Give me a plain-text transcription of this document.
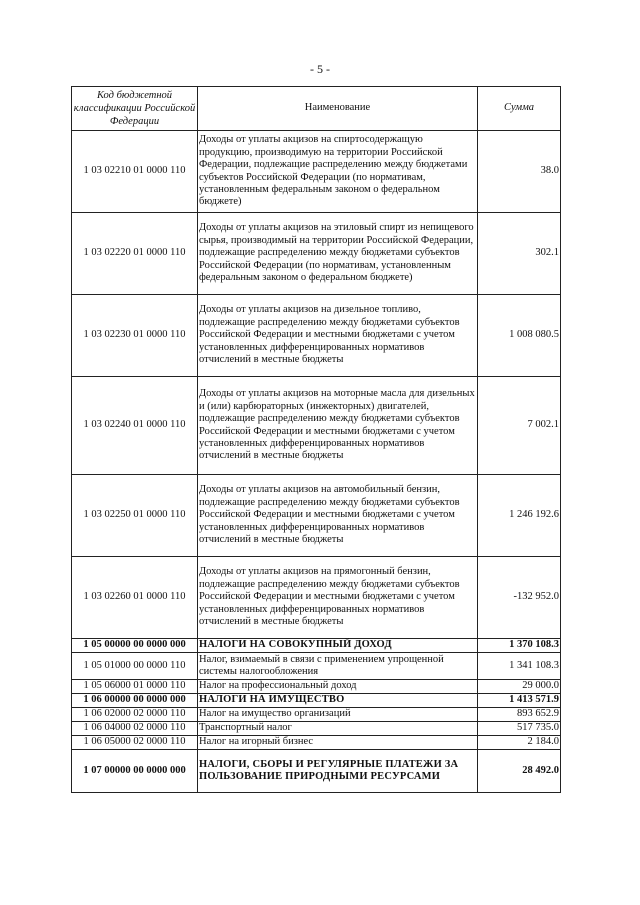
- 5 -
Код бюджетной классификации Российской Федерации	Наименование	Сумма
1 03 02210 01 0000 110	Доходы от уплаты акцизов на спиртосодержащую продукцию, производимую на территории Российской Федерации, подлежащие распределению между бюджетами субъектов Российской Федерации (по нормативам, установленным федеральным законом о федеральном бюджете)	38.0
1 03 02220 01 0000 110	Доходы от уплаты акцизов на этиловый спирт из непищевого сырья, производимый на территории Российской Федерации, подлежащие распределению между бюджетами субъектов Российской Федерации (по нормативам, установленным федеральным законом о федеральном бюджете)	302.1
1 03 02230 01 0000 110	Доходы от уплаты акцизов на дизельное топливо, подлежащие распределению между бюджетами субъектов Российской Федерации и местными бюджетами с учетом установленных дифференцированных нормативов отчислений в местные бюджеты	1 008 080.5
1 03 02240 01 0000 110	Доходы от уплаты акцизов на моторные масла для дизельных и (или) карбюраторных (инжекторных) двигателей, подлежащие распределению между бюджетами субъектов Российской Федерации и местными бюджетами с учетом установленных дифференцированных нормативов отчислений в местные бюджеты	7 002.1
1 03 02250 01 0000 110	Доходы от уплаты акцизов на автомобильный бензин, подлежащие распределению между бюджетами субъектов Российской Федерации и местными бюджетами с учетом установленных дифференцированных нормативов отчислений в местные бюджеты	1 246 192.6
1 03 02260 01 0000 110	Доходы от уплаты акцизов на прямогонный бензин, подлежащие распределению между бюджетами субъектов Российской Федерации и местными бюджетами с учетом установленных дифференцированных нормативов отчислений в местные бюджеты	-132 952.0
1 05 00000 00 0000 000	НАЛОГИ НА СОВОКУПНЫЙ ДОХОД	1 370 108.3
1 05 01000 00 0000 110	Налог, взимаемый в связи с применением упрощенной системы налогообложения	1 341 108.3
1 05 06000 01 0000 110	Налог на профессиональный доход	29 000.0
1 06 00000 00 0000 000	НАЛОГИ НА ИМУЩЕСТВО	1 413 571.9
1 06 02000 02 0000 110	Налог на имущество организаций	893 652.9
1 06 04000 02 0000 110	Транспортный налог	517 735.0
1 06 05000 02 0000 110	Налог на игорный бизнес	2 184.0
1 07 00000 00 0000 000	НАЛОГИ, СБОРЫ И РЕГУЛЯРНЫЕ ПЛАТЕЖИ ЗА ПОЛЬЗОВАНИЕ ПРИРОДНЫМИ РЕСУРСАМИ	28 492.0
